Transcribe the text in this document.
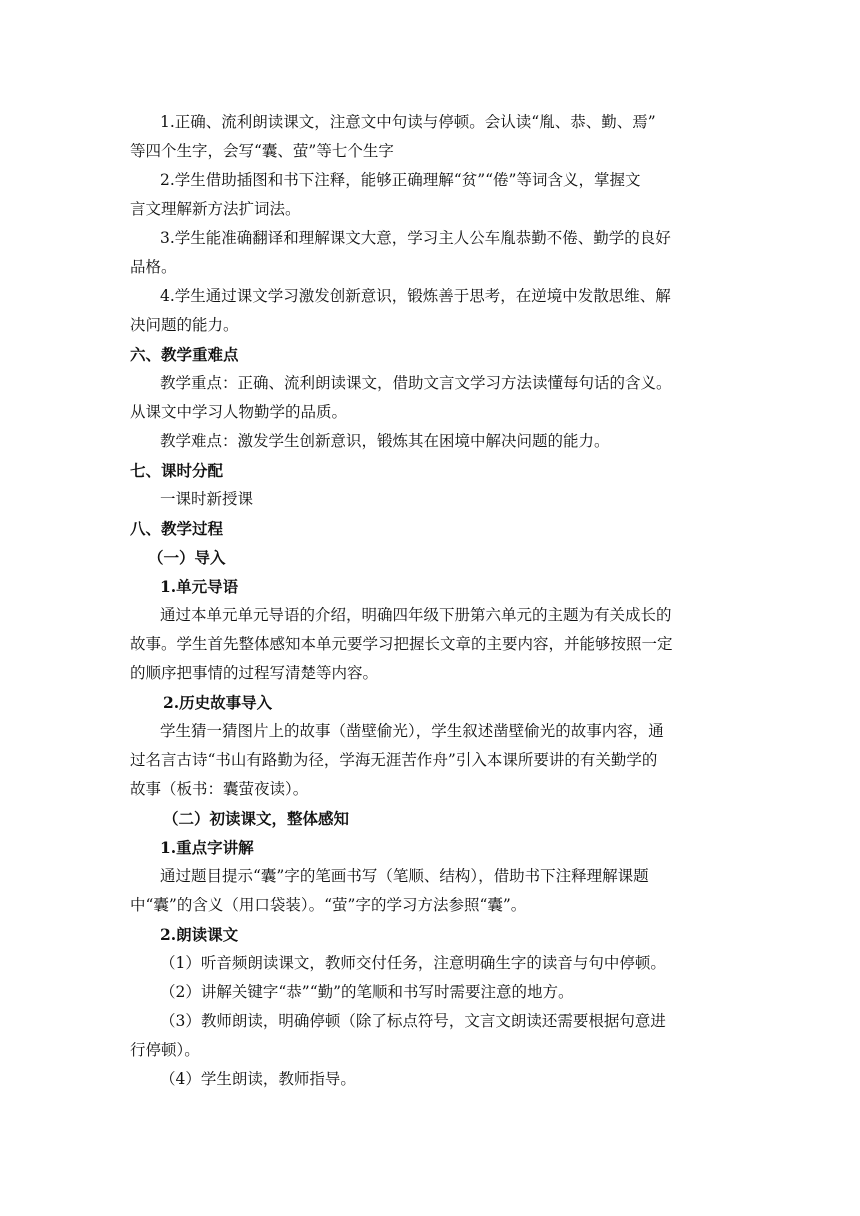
1.正确、流利朗读课文，注意文中句读与停顿。会认读“胤、恭、勤、焉”
等四个生字，会写“囊、萤”等七个生字
2.学生借助插图和书下注释，能够正确理解“贫”“倦”等词含义，掌握文
言文理解新方法扩词法。
3.学生能准确翻译和理解课文大意，学习主人公车胤恭勤不倦、勤学的良好
品格。
4.学生通过课文学习激发创新意识，锻炼善于思考，在逆境中发散思维、解
决问题的能力。
六、教学重难点
教学重点：正确、流利朗读课文，借助文言文学习方法读懂每句话的含义。
从课文中学习人物勤学的品质。
教学难点：激发学生创新意识，锻炼其在困境中解决问题的能力。
七、课时分配
一课时新授课
八、教学过程
（一）导入
1.单元导语
通过本单元单元导语的介绍，明确四年级下册第六单元的主题为有关成长的
故事。学生首先整体感知本单元要学习把握长文章的主要内容，并能够按照一定
的顺序把事情的过程写清楚等内容。
2.历史故事导入
学生猜一猜图片上的故事（凿壁偷光），学生叙述凿壁偷光的故事内容，通
过名言古诗“书山有路勤为径，学海无涯苦作舟”引入本课所要讲的有关勤学的
故事（板书：囊萤夜读）。
（二）初读课文，整体感知
1.重点字讲解
通过题目提示“囊”字的笔画书写（笔顺、结构），借助书下注释理解课题
中“囊”的含义（用口袋装）。“萤”字的学习方法参照“囊”。
2.朗读课文
（1）听音频朗读课文，教师交付任务，注意明确生字的读音与句中停顿。
（2）讲解关键字“恭”“勤”的笔顺和书写时需要注意的地方。
（3）教师朗读，明确停顿（除了标点符号，文言文朗读还需要根据句意进
行停顿）。
（4）学生朗读，教师指导。
